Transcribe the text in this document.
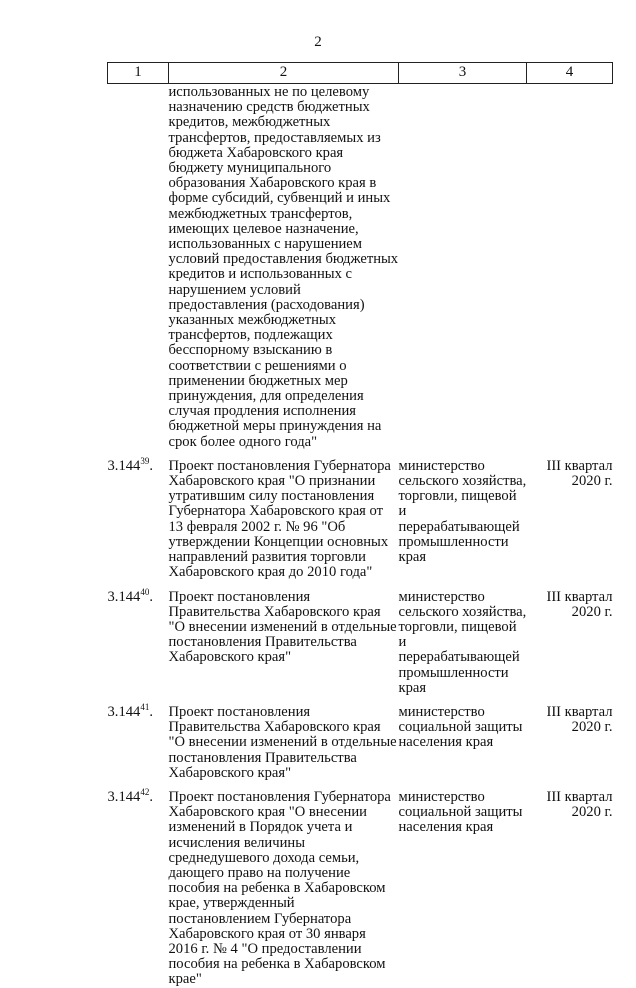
2
1	2	3	4
	использованных не по целевому назначению средств бюджетных кредитов, межбюджетных трансфертов, предоставляемых из бюджета Хабаровского края бюджету муниципального образования Хабаровского края в форме субсидий, субвенций и иных межбюджетных трансфертов, имеющих целевое назначение, использованных с нарушением условий предоставления бюджетных кредитов и использованных с нарушением условий предоставления (расходования) указанных межбюджетных трансфертов, подлежащих бесспорному взысканию в соответствии с решениями о применении бюджетных мер принуждения, для определения случая продления исполнения бюджетной меры принуждения на срок более одного года"		
3.144$^{39}$.	Проект постановления Губернатора Хабаровского края "О признании утратившим силу постановления Губернатора Хабаровского края от 13 февраля 2002 г. № 96 "Об утверждении Концепции основных направлений развития торговли Хабаровского края до 2010 года"	министерство сельского хозяйства, торговли, пищевой и перерабатывающей промышленности края	III квартал 2020 г.
3.144$^{40}$.	Проект постановления Правительства Хабаровского края "О внесении изменений в отдельные постановления Правительства Хабаровского края"	министерство сельского хозяйства, торговли, пищевой и перерабатывающей промышленности края	III квартал 2020 г.
3.144$^{41}$.	Проект постановления Правительства Хабаровского края "О внесении изменений в отдельные постановления Правительства Хабаровского края"	министерство социальной защиты населения края	III квартал 2020 г.
3.144$^{42}$.	Проект постановления Губернатора Хабаровского края "О внесении изменений в Порядок учета и исчисления величины среднедушевого дохода семьи, дающего право на получение пособия на ребенка в Хабаровском крае, утвержденный постановлением Губернатора Хабаровского края от 30 января 2016 г. № 4 "О предоставлении пособия на ребенка в Хабаровском крае"	министерство социальной защиты населения края	III квартал 2020 г.
